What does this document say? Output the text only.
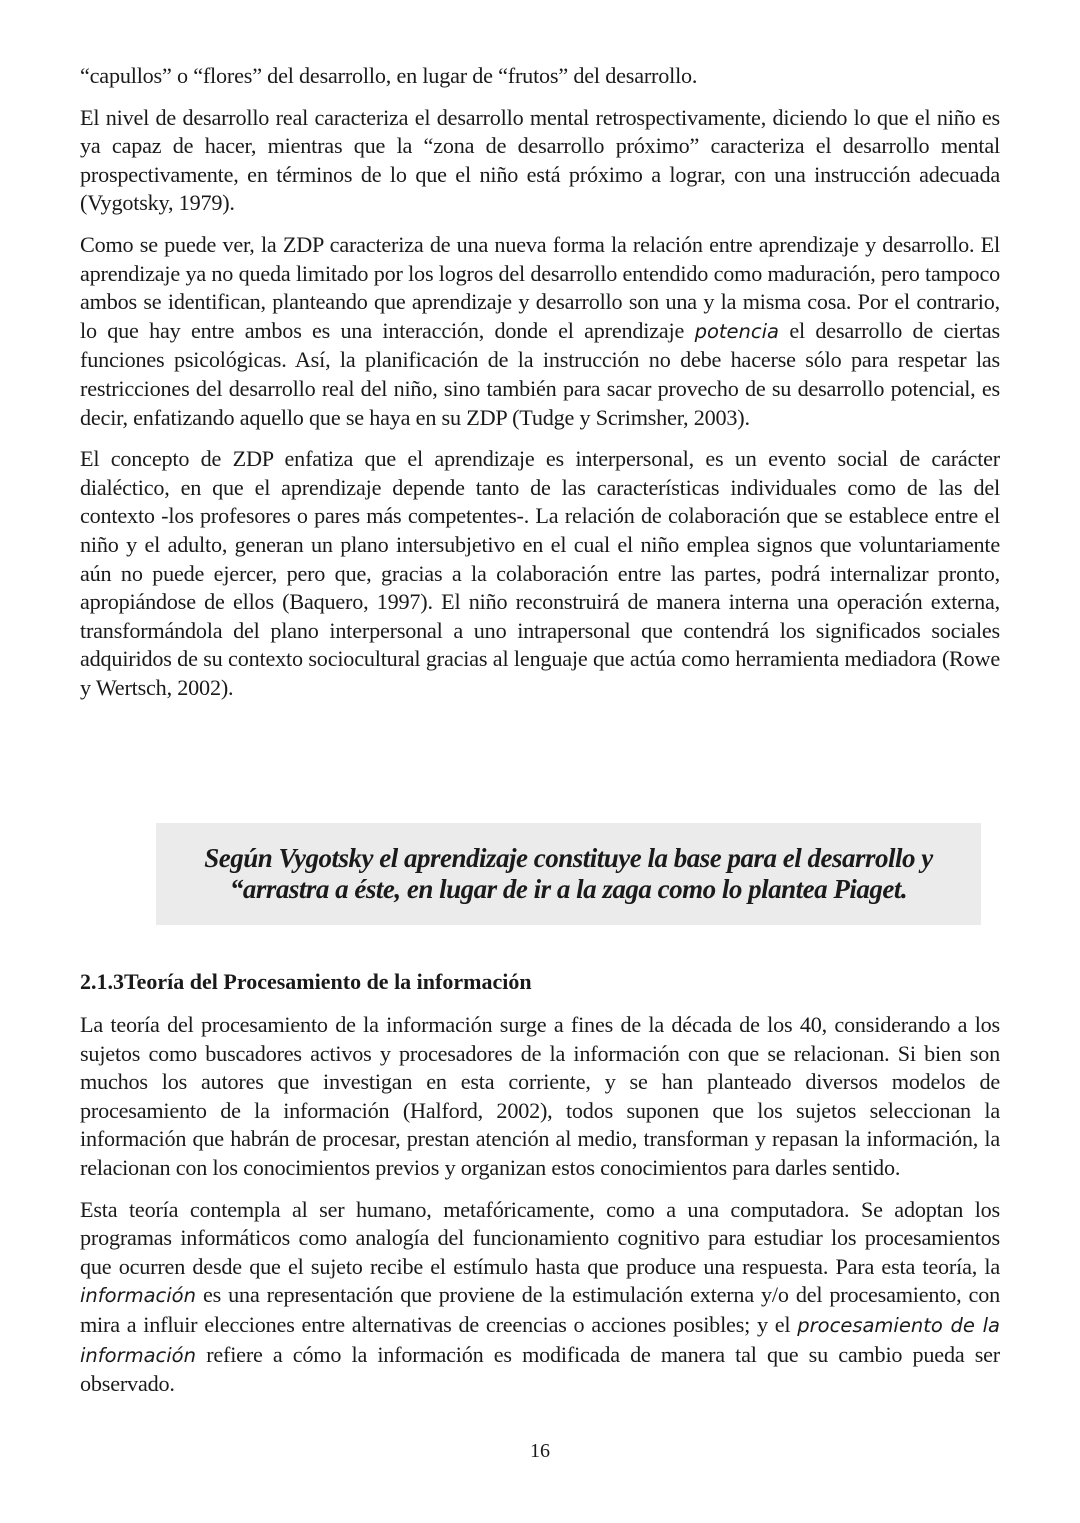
“capullos” o “flores” del desarrollo, en lugar de “frutos” del desarrollo.

El nivel de desarrollo real caracteriza el desarrollo mental retrospectivamente, diciendo lo que el niño es ya capaz de hacer, mientras que la “zona de desarrollo próximo” caracteriza el desarrollo mental prospectivamente, en términos de lo que el niño está próximo a lograr, con una instrucción adecuada (Vygotsky, 1979).

Como se puede ver, la ZDP caracteriza de una nueva forma la relación entre aprendizaje y desarrollo. El aprendizaje ya no queda limitado por los logros del desarrollo entendido como maduración, pero tampoco ambos se identifican, planteando que aprendizaje y desarrollo son una y la misma cosa. Por el contrario, lo que hay entre ambos es una interacción, donde el aprendizaje potencia el desarrollo de ciertas funciones psicológicas. Así, la planificación de la instrucción no debe hacerse sólo para respetar las restricciones del desarrollo real del niño, sino también para sacar provecho de su desarrollo potencial, es decir, enfatizando aquello que se haya en su ZDP (Tudge y Scrimsher, 2003).

El concepto de ZDP enfatiza que el aprendizaje es interpersonal, es un evento social de carácter dialéctico, en que el aprendizaje depende tanto de las características individuales como de las del contexto -los profesores o pares más competentes-. La relación de colaboración que se establece entre el niño y el adulto, generan un plano intersubjetivo en el cual el niño emplea signos que voluntariamente aún no puede ejercer, pero que, gracias a la colaboración entre las partes, podrá internalizar pronto, apropiándose de ellos (Baquero, 1997). El niño reconstruirá de manera interna una operación externa, transformándola del plano interpersonal a uno intrapersonal que contendrá los significados sociales adquiridos de su contexto sociocultural gracias al lenguaje que actúa como herramienta mediadora (Rowe y Wertsch, 2002).

Según Vygotsky el aprendizaje constituye la base para el desarrollo y
“arrastra a éste, en lugar de ir a la zaga como lo plantea Piaget.

2.1.3Teoría del Procesamiento de la información

La teoría del procesamiento de la información surge a fines de la década de los 40, considerando a los sujetos como buscadores activos y procesadores de la información con que se relacionan. Si bien son muchos los autores que investigan en esta corriente, y se han planteado diversos modelos de procesamiento de la información (Halford, 2002), todos suponen que los sujetos seleccionan la información que habrán de procesar, prestan atención al medio, transforman y repasan la información, la relacionan con los conocimientos previos y organizan estos conocimientos para darles sentido.

Esta teoría contempla al ser humano, metafóricamente, como a una computadora. Se adoptan los programas informáticos como analogía del funcionamiento cognitivo para estudiar los procesamientos que ocurren desde que el sujeto recibe el estímulo hasta que produce una respuesta. Para esta teoría, la información es una representación que proviene de la estimulación externa y/o del procesamiento, con mira a influir elecciones entre alternativas de creencias o acciones posibles; y el procesamiento de la información refiere a cómo la información es modificada de manera tal que su cambio pueda ser observado.

16
